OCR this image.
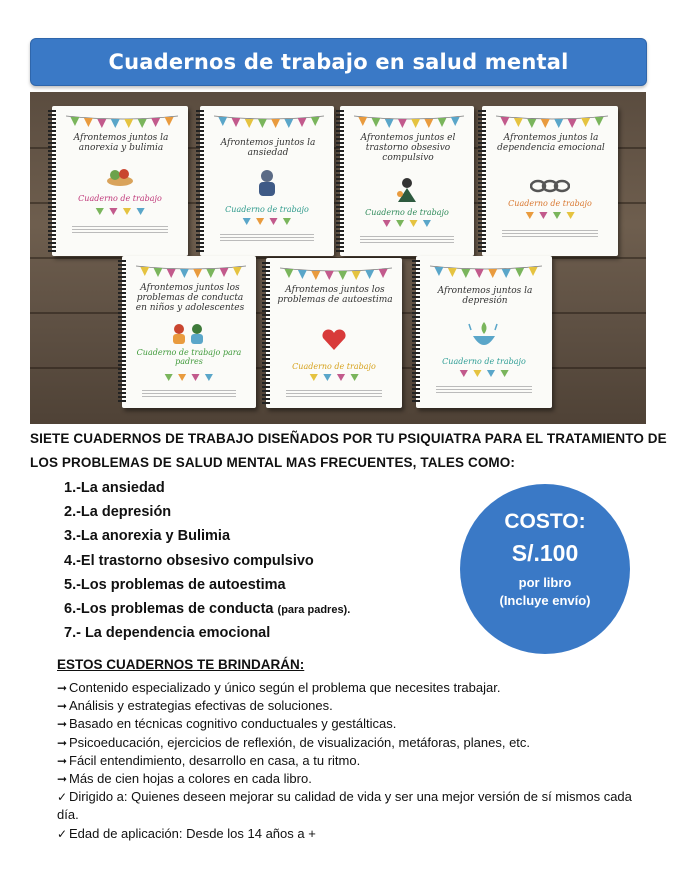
Cuadernos de trabajo en salud mental
Afrontemos juntos la anorexia y bulimia
Cuaderno de trabajo
Afrontemos juntos la ansiedad
Cuaderno de trabajo
Afrontemos juntos el trastorno obsesivo compulsivo
Cuaderno de trabajo
Afrontemos juntos la dependencia emocional
Cuaderno de trabajo
Afrontemos juntos los problemas de conducta en niños y adolescentes
Cuaderno de trabajo para padres
Afrontemos juntos los problemas de autoestima
Cuaderno de trabajo
Afrontemos juntos la depresión
Cuaderno de trabajo
SIETE CUADERNOS DE TRABAJO DISEÑADOS POR TU PSIQUIATRA PARA EL TRATAMIENTO DE LOS PROBLEMAS DE SALUD MENTAL MAS FRECUENTES, TALES COMO:
1.-La ansiedad
2.-La depresión
3.-La anorexia y Bulimia
4.-El trastorno obsesivo compulsivo
5.-Los problemas de autoestima
6.-Los problemas de conducta (para padres).
7.- La dependencia emocional
COSTO:
S/.100
por libro
(Incluye envío)
ESTOS CUADERNOS TE BRINDARÁN:
➞ Contenido especializado y único según el problema que necesites trabajar.
➞ Análisis y estrategias efectivas de soluciones.
➞ Basado en técnicas cognitivo conductuales y gestálticas.
➞ Psicoeducación, ejercicios de reflexión, de visualización, metáforas, planes, etc.
➞ Fácil entendimiento, desarrollo en casa, a tu ritmo.
➞ Más de cien hojas a colores en cada libro.
✓ Dirigido a: Quienes deseen mejorar su calidad de vida y ser una mejor versión de sí mismos cada día.
✓ Edad de aplicación: Desde los 14 años a +
